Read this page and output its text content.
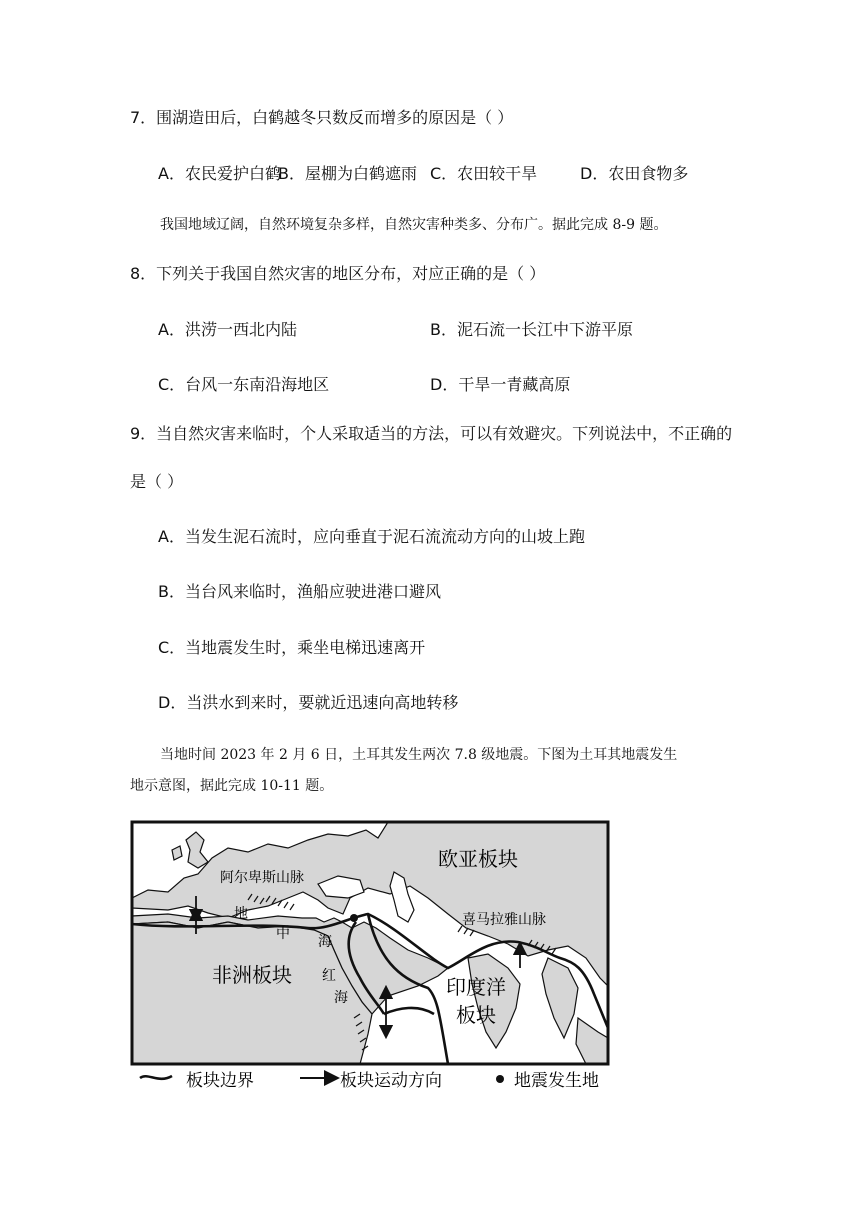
7．围湖造田后，白鹤越冬只数反而增多的原因是（ ）
A．农民爱护白鹤
B．屋棚为白鹤遮雨 C．农田较干旱	D．农田食物多
我国地域辽阔，自然环境复杂多样，自然灾害种类多、分布广。据此完成 8-9 题。
8．下列关于我国自然灾害的地区分布，对应正确的是（ ）
A．洪涝一西北内陆	B．泥石流一长江中下游平原
C．台风一东南沿海地区	D．干旱一青藏高原
9．当自然灾害来临时，个人采取适当的方法，可以有效避灾。下列说法中，不正确的
是（ ）
A．当发生泥石流时，应向垂直于泥石流流动方向的山坡上跑
B．当台风来临时，渔船应驶进港口避风
C．当地震发生时，乘坐电梯迅速离开
D．当洪水到来时，要就近迅速向高地转移
当地时间 2023 年 2 月 6 日，土耳其发生两次 7.8 级地震。下图为土耳其地震发生
地示意图，据此完成 10-11 题。
欧亚板块
阿尔卑斯山脉
地
中 海
喜马拉雅山脉
非洲板块 红
海	印度洋
板块
板块边界	板块运动方向	地震发生地
